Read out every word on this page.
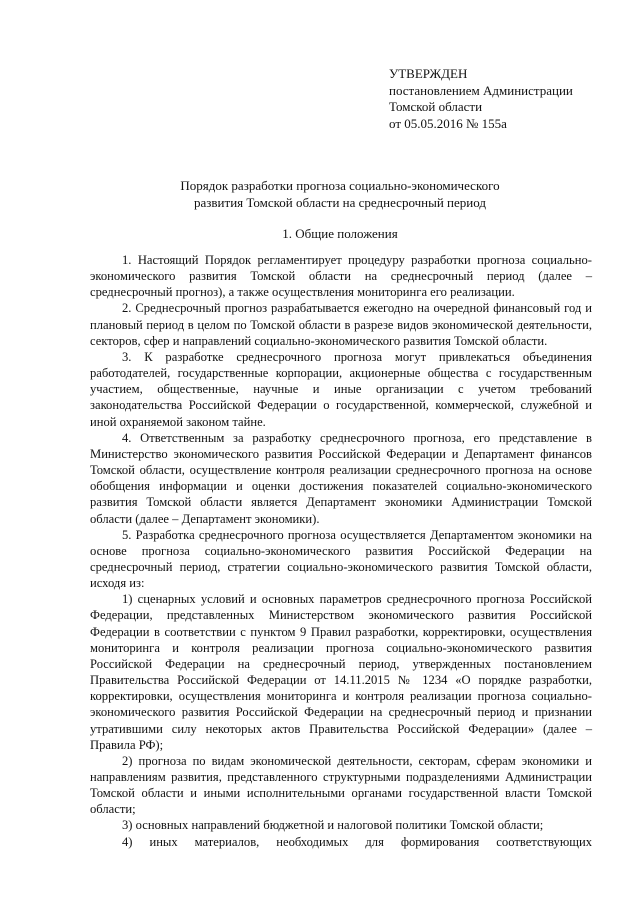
УТВЕРЖДЕН
постановлением Администрации
Томской области
от 05.05.2016 № 155а
Порядок разработки прогноза социально-экономического
развития Томской области на среднесрочный период
1. Общие положения

1. Настоящий Порядок регламентирует процедуру разработки прогноза социально-экономического развития Томской области на среднесрочный период (далее – среднесрочный прогноз), а также осуществления мониторинга его реализации.

2. Среднесрочный прогноз разрабатывается ежегодно на очередной финансовый год и плановый период в целом по Томской области в разрезе видов экономической деятельности, секторов, сфер и направлений социально-экономического развития Томской области.

3. К разработке среднесрочного прогноза могут привлекаться объединения работодателей, государственные корпорации, акционерные общества с государственным участием, общественные, научные и иные организации с учетом требований законодательства Российской Федерации о государственной, коммерческой, служебной и иной охраняемой законом тайне.

4. Ответственным за разработку среднесрочного прогноза, его представление в Министерство экономического развития Российской Федерации и Департамент финансов Томской области, осуществление контроля реализации среднесрочного прогноза на основе обобщения информации и оценки достижения показателей социально-экономического развития Томской области является Департамент экономики Администрации Томской области (далее – Департамент экономики).

5. Разработка среднесрочного прогноза осуществляется Департаментом экономики на основе прогноза социально-экономического развития Российской Федерации на среднесрочный период, стратегии социально-экономического развития Томской области, исходя из:

1) сценарных условий и основных параметров среднесрочного прогноза Российской Федерации, представленных Министерством экономического развития Российской Федерации в соответствии с пунктом 9 Правил разработки, корректировки, осуществления мониторинга и контроля реализации прогноза социально-экономического развития Российской Федерации на среднесрочный период, утвержденных постановлением Правительства Российской Федерации от 14.11.2015 № 1234 «О порядке разработки, корректировки, осуществления мониторинга и контроля реализации прогноза социально-экономического развития Российской Федерации на среднесрочный период и признании утратившими силу некоторых актов Правительства Российской Федерации» (далее – Правила РФ);

2) прогноза по видам экономической деятельности, секторам, сферам экономики и направлениям развития, представленного структурными подразделениями Администрации Томской области и иными исполнительными органами государственной власти Томской области;

3) основных направлений бюджетной и налоговой политики Томской области;

4) иных материалов, необходимых для формирования соответствующих
